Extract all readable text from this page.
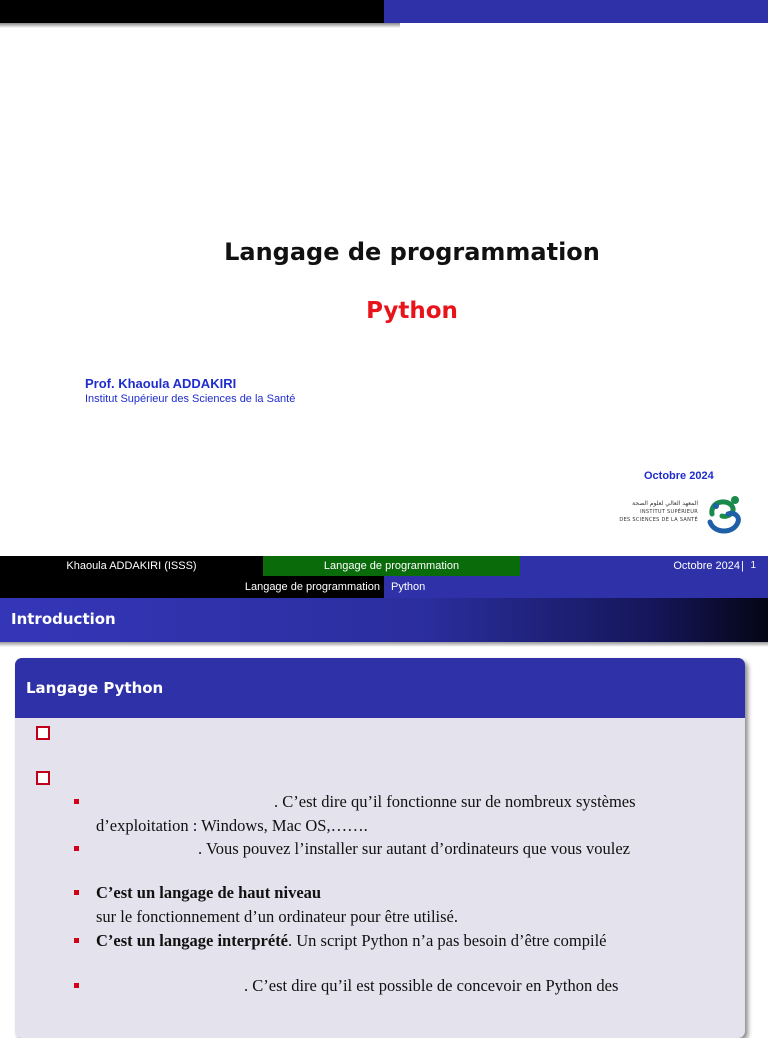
Langage de programmation
Python
Prof. Khaoula ADDAKIRI
Institut Supérieur des Sciences de la Santé
Octobre 2024
المعهد العالي لعلوم الصحة
INSTITUT SUPÉRIEUR
DES SCIENCES DE LA SANTÉ
Khaoula ADDAKIRI (ISSS)	Langage de programmation	Octobre 2024 | 1
Langage de programmation	Python
Introduction
Langage Python
. C’est dire qu’il fonctionne sur de nombreux systèmes
d’exploitation : Windows, Mac OS,…….
. Vous pouvez l’installer sur autant d’ordinateurs que vous voulez
C’est un langage de haut niveau
sur le fonctionnement d’un ordinateur pour être utilisé.
C’est un langage interprété. Un script Python n’a pas besoin d’être compilé
. C’est dire qu’il est possible de concevoir en Python des
